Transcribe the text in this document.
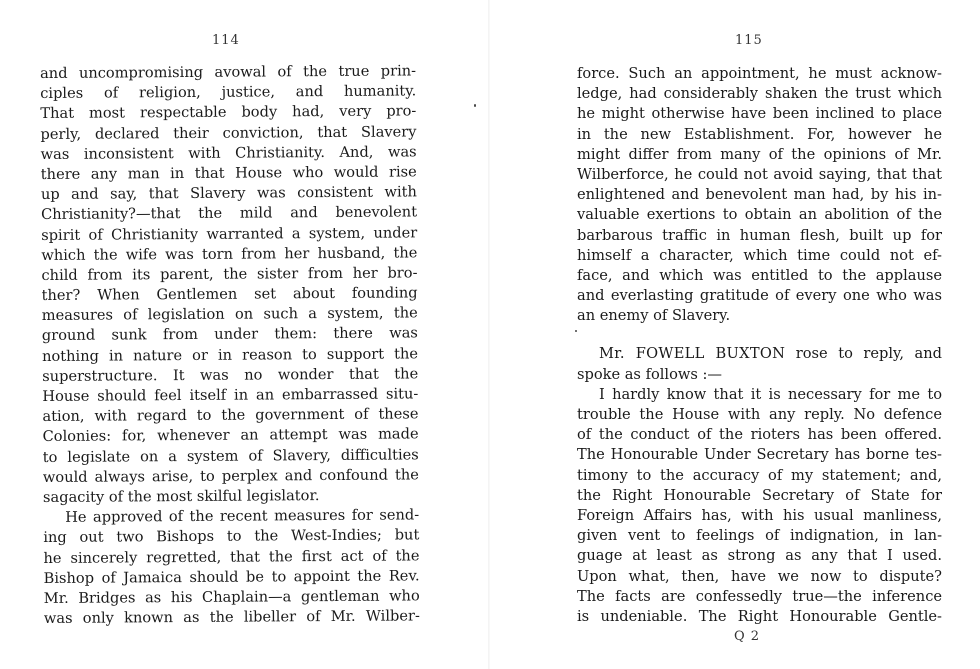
114
and uncompromising avowal of the true prin-
ciples of religion, justice, and humanity.
That most respectable body had, very pro-
perly, declared their conviction, that Slavery
was inconsistent with Christianity. And, was
there any man in that House who would rise
up and say, that Slavery was consistent with
Christianity?—that the mild and benevolent
spirit of Christianity warranted a system, under
which the wife was torn from her husband, the
child from its parent, the sister from her bro-
ther? When Gentlemen set about founding
measures of legislation on such a system, the
ground sunk from under them: there was
nothing in nature or in reason to support the
superstructure. It was no wonder that the
House should feel itself in an embarrassed situ-
ation, with regard to the government of these
Colonies: for, whenever an attempt was made
to legislate on a system of Slavery, difficulties
would always arise, to perplex and confound the
sagacity of the most skilful legislator.
He approved of the recent measures for send-
ing out two Bishops to the West-Indies; but
he sincerely regretted, that the first act of the
Bishop of Jamaica should be to appoint the Rev.
Mr. Bridges as his Chaplain—a gentleman who
was only known as the libeller of Mr. Wilber-
115
force. Such an appointment, he must acknow-
ledge, had considerably shaken the trust which
he might otherwise have been inclined to place
in the new Establishment. For, however he
might differ from many of the opinions of Mr.
Wilberforce, he could not avoid saying, that that
enlightened and benevolent man had, by his in-
valuable exertions to obtain an abolition of the
barbarous traffic in human flesh, built up for
himself a character, which time could not ef-
face, and which was entitled to the applause
and everlasting gratitude of every one who was
an enemy of Slavery.
Mr. FOWELL BUXTON rose to reply, and
spoke as follows :—
I hardly know that it is necessary for me to
trouble the House with any reply. No defence
of the conduct of the rioters has been offered.
The Honourable Under Secretary has borne tes-
timony to the accuracy of my statement; and,
the Right Honourable Secretary of State for
Foreign Affairs has, with his usual manliness,
given vent to feelings of indignation, in lan-
guage at least as strong as any that I used.
Upon what, then, have we now to dispute?
The facts are confessedly true—the inference
is undeniable. The Right Honourable Gentle-
Q 2
